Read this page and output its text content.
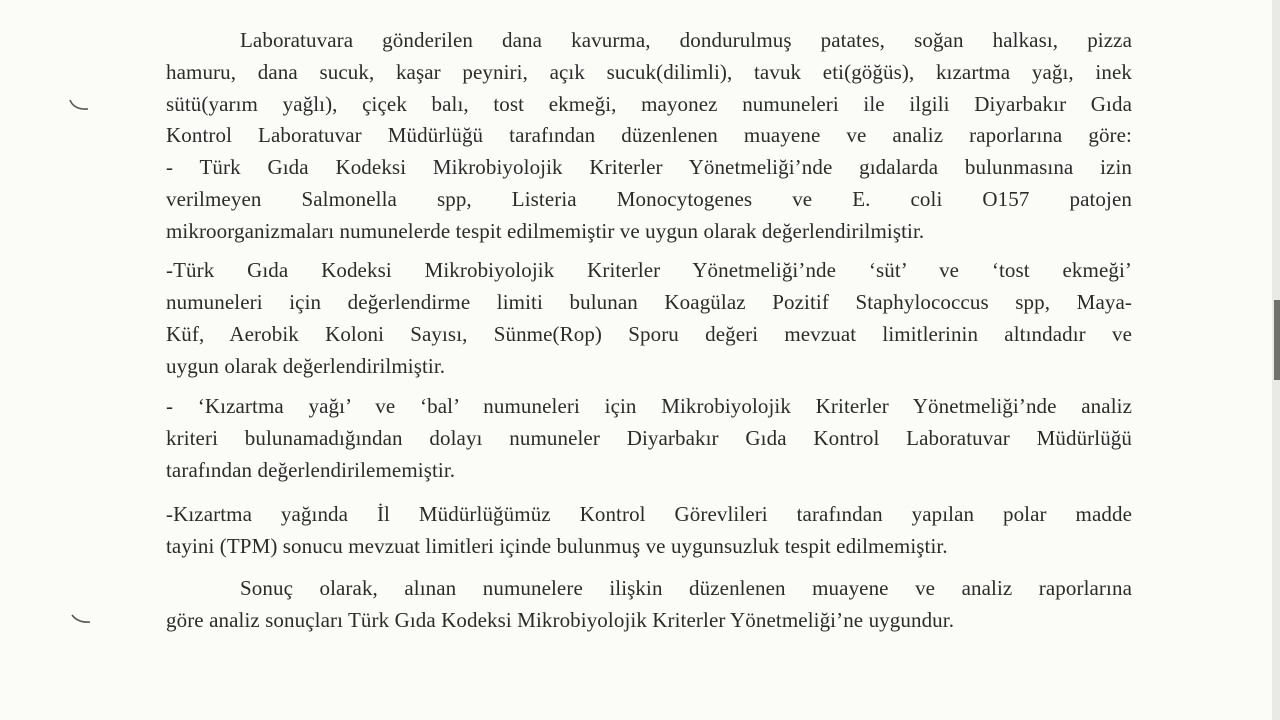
Laboratuvara gönderilen dana kavurma, dondurulmuş patates, soğan halkası, pizza
hamuru, dana sucuk, kaşar peyniri, açık sucuk(dilimli), tavuk eti(göğüs), kızartma yağı, inek
sütü(yarım yağlı), çiçek balı, tost ekmeği, mayonez numuneleri ile ilgili Diyarbakır Gıda
Kontrol Laboratuvar Müdürlüğü tarafından düzenlenen muayene ve analiz raporlarına göre:
- Türk Gıda Kodeksi Mikrobiyolojik Kriterler Yönetmeliği’nde gıdalarda bulunmasına izin
verilmeyen Salmonella spp, Listeria Monocytogenes ve E. coli O157 patojen
mikroorganizmaları numunelerde tespit edilmemiştir ve uygun olarak değerlendirilmiştir.
-Türk Gıda Kodeksi Mikrobiyolojik Kriterler Yönetmeliği’nde ‘süt’ ve ‘tost ekmeği’
numuneleri için değerlendirme limiti bulunan Koagülaz Pozitif Staphylococcus spp, Maya-
Küf, Aerobik Koloni Sayısı, Sünme(Rop) Sporu değeri mevzuat limitlerinin altındadır ve
uygun olarak değerlendirilmiştir.
- ‘Kızartma yağı’ ve ‘bal’ numuneleri için Mikrobiyolojik Kriterler Yönetmeliği’nde analiz
kriteri bulunamadığından dolayı numuneler Diyarbakır Gıda Kontrol Laboratuvar Müdürlüğü
tarafından değerlendirilememiştir.
-Kızartma yağında İl Müdürlüğümüz Kontrol Görevlileri tarafından yapılan polar madde
tayini (TPM) sonucu mevzuat limitleri içinde bulunmuş ve uygunsuzluk tespit edilmemiştir.
Sonuç olarak, alınan numunelere ilişkin düzenlenen muayene ve analiz raporlarına
göre analiz sonuçları Türk Gıda Kodeksi Mikrobiyolojik Kriterler Yönetmeliği’ne uygundur.
